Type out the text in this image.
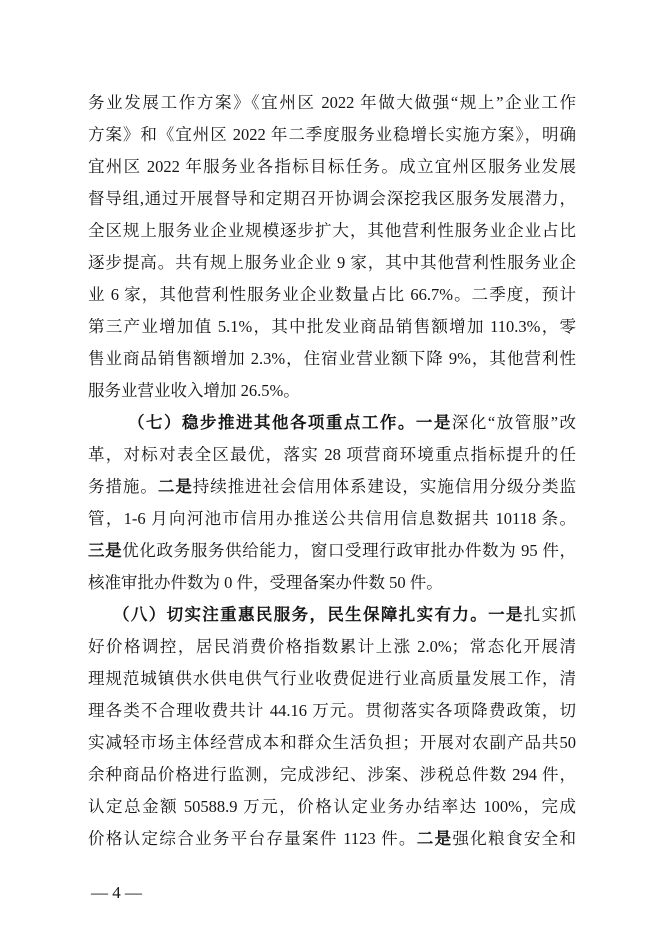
务业发展工作方案》《宜州区 2022 年做大做强“规上”企业工作
方案》和《宜州区 2022 年二季度服务业稳增长实施方案》，明确
宜州区 2022 年服务业各指标目标任务。成立宜州区服务业发展
督导组,通过开展督导和定期召开协调会深挖我区服务发展潜力，
全区规上服务业企业规模逐步扩大，其他营利性服务业企业占比
逐步提高。共有规上服务业企业 9 家，其中其他营利性服务业企
业 6 家，其他营利性服务业企业数量占比 66.7%。二季度，预计
第三产业增加值 5.1%，其中批发业商品销售额增加 110.3%，零
售业商品销售额增加 2.3%，住宿业营业额下降 9%，其他营利性
服务业营业收入增加 26.5%。
（七）稳步推进其他各项重点工作。一是深化“放管服”改
革，对标对表全区最优，落实 28 项营商环境重点指标提升的任
务措施。二是持续推进社会信用体系建设，实施信用分级分类监
管，1-6 月向河池市信用办推送公共信用信息数据共 10118 条。
三是优化政务服务供给能力，窗口受理行政审批办件数为 95 件，
核准审批办件数为 0 件，受理备案办件数 50 件。
（八）切实注重惠民服务，民生保障扎实有力。一是扎实抓
好价格调控，居民消费价格指数累计上涨 2.0%；常态化开展清
理规范城镇供水供电供气行业收费促进行业高质量发展工作，清
理各类不合理收费共计 44.16 万元。贯彻落实各项降费政策，切
实减轻市场主体经营成本和群众生活负担；开展对农副产品共50
余种商品价格进行监测，完成涉纪、涉案、涉税总件数 294 件，
认定总金额 50588.9 万元，价格认定业务办结率达 100%，完成
价格认定综合业务平台存量案件 1123 件。二是强化粮食安全和
— 4 —
